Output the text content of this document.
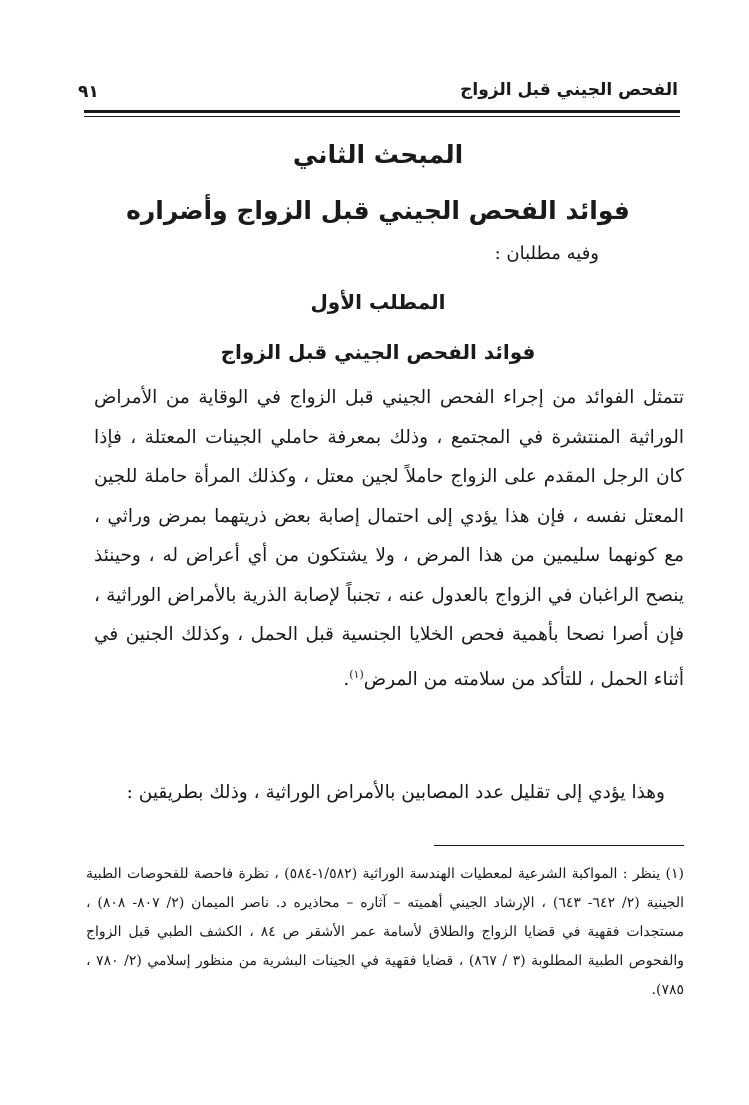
الفحص الجيني قبل الزواج
٩١
المبحث الثاني
فوائد الفحص الجيني قبل الزواج وأضراره
وفيه مطلبان :
المطلب الأول
فوائد الفحص الجيني قبل الزواج

تتمثل الفوائد من إجراء الفحص الجيني قبل الزواج في الوقاية من الأمراض الوراثية المنتشرة في المجتمع ، وذلك بمعرفة حاملي الجينات المعتلة ، فإذا كان الرجل المقدم على الزواج حاملاً لجين معتل ، وكذلك المرأة حاملة للجين المعتل نفسه ، فإن هذا يؤدي إلى احتمال إصابة بعض ذريتهما بمرض وراثي ، مع كونهما سليمين من هذا المرض ، ولا يشتكون من أي أعراض له ، وحينئذ ينصح الراغبان في الزواج بالعدول عنه ، تجنباً لإصابة الذرية بالأمراض الوراثية ، فإن أصرا نصحا بأهمية فحص الخلايا الجنسية قبل الحمل ، وكذلك الجنين في أثناء الحمل ، للتأكد من سلامته من المرض$^{(١)}$.

وهذا يؤدي إلى تقليل عدد المصابين بالأمراض الوراثية ، وذلك بطريقين :

(١) ينظر : المواكبة الشرعية لمعطيات الهندسة الوراثية (١/٥٨٢-٥٨٤) ، نظرة فاحصة للفحوصات الطبية الجينية (٢/ ٦٤٢- ٦٤٣) ، الإرشاد الجيني أهميته – آثاره – محاذيره د. ناصر الميمان (٢/ ٨٠٧- ٨٠٨) ، مستجدات فقهية في قضايا الزواج والطلاق لأسامة عمر الأشقر ص ٨٤ ، الكشف الطبي قبل الزواج والفحوص الطبية المطلوبة (٣ / ٨٦٧) ، قضايا فقهية في الجينات البشرية من منظور إسلامي (٢/ ٧٨٠ ، ٧٨٥).
